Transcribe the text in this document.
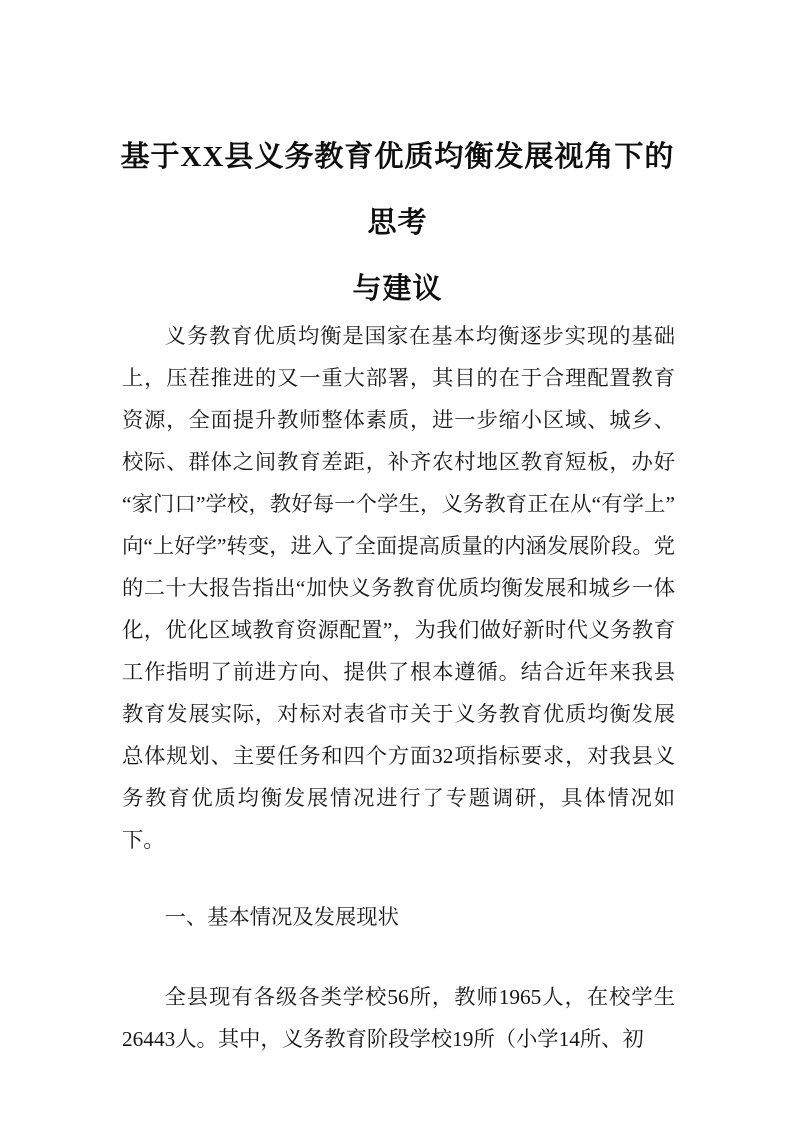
基于XX县义务教育优质均衡发展视角下的思考
与建议

义务教育优质均衡是国家在基本均衡逐步实现的基础上，压茬推进的又一重大部署，其目的在于合理配置教育资源，全面提升教师整体素质，进一步缩小区域、城乡、校际、群体之间教育差距，补齐农村地区教育短板，办好“家门口”学校，教好每一个学生，义务教育正在从“有学上”向“上好学”转变，进入了全面提高质量的内涵发展阶段。党的二十大报告指出“加快义务教育优质均衡发展和城乡一体化，优化区域教育资源配置”，为我们做好新时代义务教育工作指明了前进方向、提供了根本遵循。结合近年来我县教育发展实际，对标对表省市关于义务教育优质均衡发展总体规划、主要任务和四个方面32项指标要求，对我县义务教育优质均衡发展情况进行了专题调研，具体情况如下。

一、基本情况及发展现状

全县现有各级各类学校56所，教师1965人，在校学生26443人。其中，义务教育阶段学校19所（小学14所、初
